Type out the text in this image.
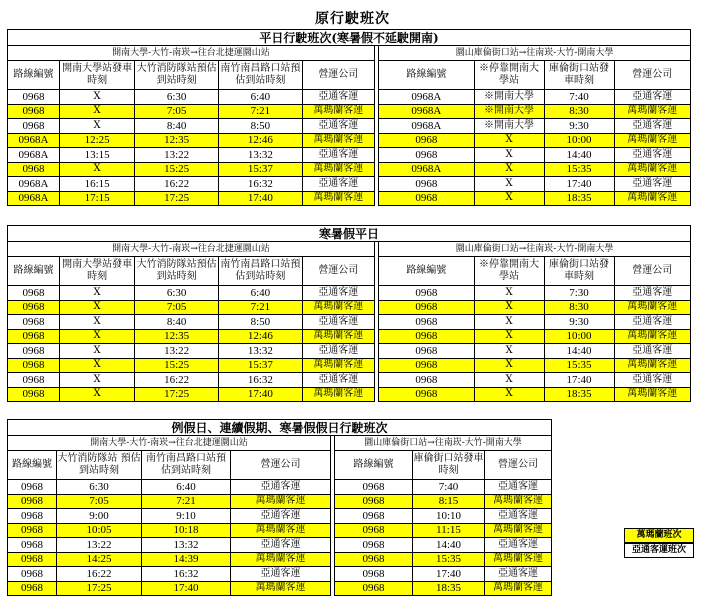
原行駛班次
平日行駛班次(寒暑假不延駛開南)									
開南大學-大竹-南崁→往台北捷運圜山站						圜山庫倫街口站→往南崁-大竹-開南大學			
路線編號	開南大學站發車時刻	大竹消防隊站預估到站時刻	南竹南昌路口站預估到站時刻	營運公司		路線編號	※停靠開南大學站	庫倫街口站發車時刻	營運公司
0968	X	6:30	6:40	亞通客運		0968A	※開南大學	7:40	亞通客運
0968	X	7:05	7:21	萬瑪蘭客運		0968A	※開南大學	8:30	萬瑪蘭客運
0968	X	8:40	8:50	亞通客運		0968A	※開南大學	9:30	亞通客運
0968A	12:25	12:35	12:46	萬瑪蘭客運		0968	X	10:00	萬瑪蘭客運
0968A	13:15	13:22	13:32	亞通客運		0968	X	14:40	亞通客運
0968	X	15:25	15:37	萬瑪蘭客運		0968A	X	15:35	萬瑪蘭客運
0968A	16:15	16:22	16:32	亞通客運		0968	X	17:40	亞通客運
0968A	17:15	17:25	17:40	萬瑪蘭客運		0968	X	18:35	萬瑪蘭客運
寒暑假平日									
開南大學-大竹-南崁→往台北捷運圜山站						圜山庫倫街口站→往南崁-大竹-開南大學			
路線編號	開南大學站發車時刻	大竹消防隊站預估到站時刻	南竹南昌路口站預估到站時刻	營運公司		路線編號	※停靠開南大學站	庫倫街口站發車時刻	營運公司
0968	X	6:30	6:40	亞通客運		0968	X	7:30	亞通客運
0968	X	7:05	7:21	萬瑪蘭客運		0968	X	8:30	萬瑪蘭客運
0968	X	8:40	8:50	亞通客運		0968	X	9:30	亞通客運
0968	X	12:35	12:46	萬瑪蘭客運		0968	X	10:00	萬瑪蘭客運
0968	X	13:22	13:32	亞通客運		0968	X	14:40	亞通客運
0968	X	15:25	15:37	萬瑪蘭客運		0968	X	15:35	萬瑪蘭客運
0968	X	16:22	16:32	亞通客運		0968	X	17:40	亞通客運
0968	X	17:25	17:40	萬瑪蘭客運		0968	X	18:35	萬瑪蘭客運
例假日、連續假期、寒暑假假日行駛班次							
開南大學-大竹-南崁→往台北捷運圜山站					圜山庫倫街口站→往南崁-大竹-開南大學		
路線編號	大竹消防隊站 預估到站時刻	南竹南昌路口站預估到站時刻	營運公司		路線編號	庫倫街口站發車時刻	營運公司
0968	6:30	6:40	亞通客運		0968	7:40	亞通客運
0968	7:05	7:21	萬瑪蘭客運		0968	8:15	萬瑪蘭客運
0968	9:00	9:10	亞通客運		0968	10:10	亞通客運
0968	10:05	10:18	萬瑪蘭客運		0968	11:15	萬瑪蘭客運
0968	13:22	13:32	亞通客運		0968	14:40	亞通客運
0968	14:25	14:39	萬瑪蘭客運		0968	15:35	萬瑪蘭客運
0968	16:22	16:32	亞通客運		0968	17:40	亞通客運
0968	17:25	17:40	萬瑪蘭客運		0968	18:35	萬瑪蘭客運
萬瑪蘭班次
亞通客運班次
